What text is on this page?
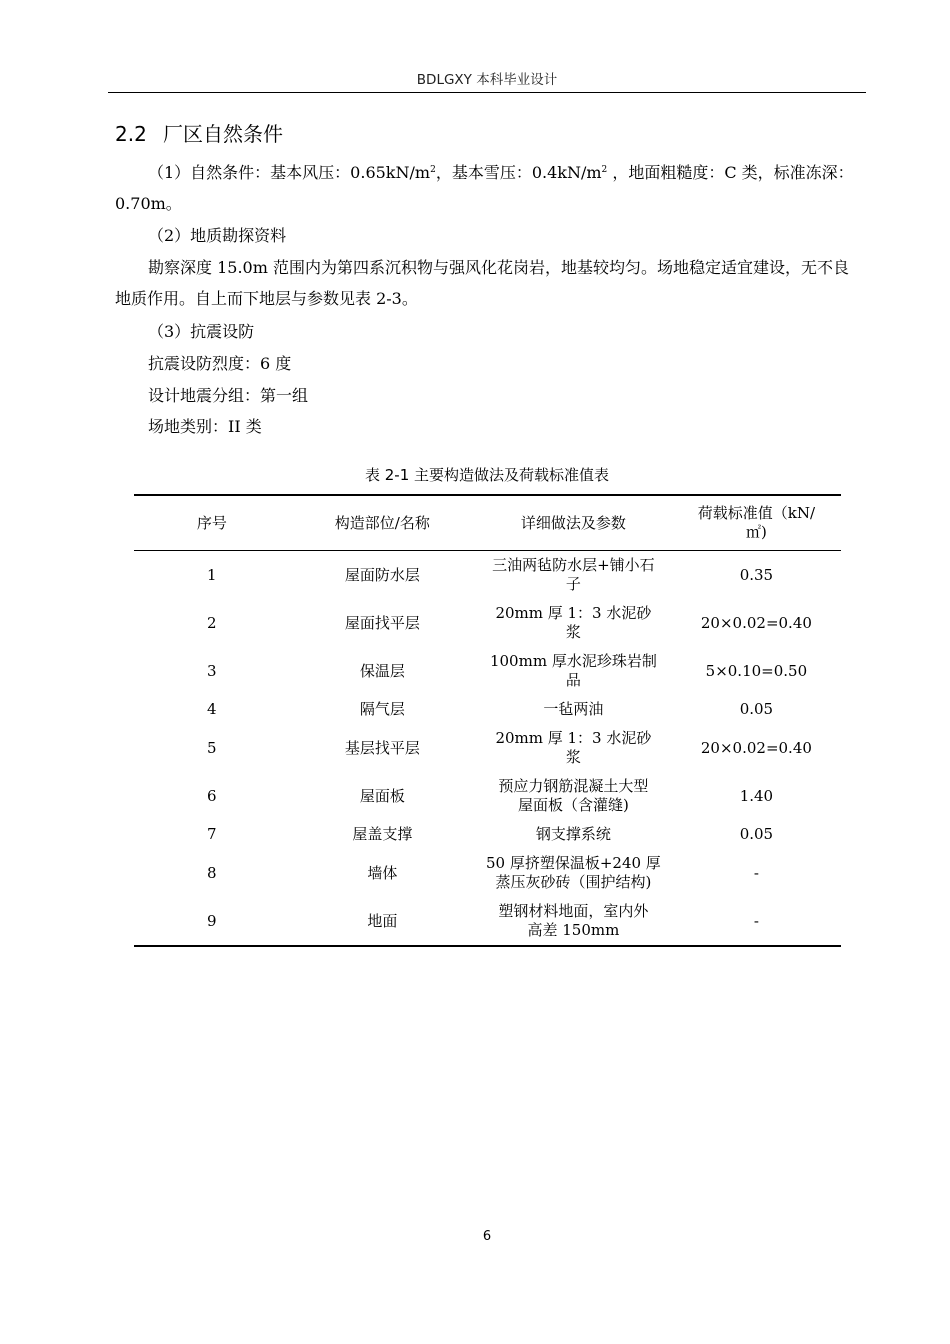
BDLGXY 本科毕业设计
2.2 厂区自然条件
（1）自然条件：基本风压：$0.65kN/m^2$，基本雪压：$0.4kN/m^2$ ，地面粗糙度：C 类，标准冻深：0.70m。
（2）地质勘探资料
勘察深度 15.0m 范围内为第四系沉积物与强风化花岗岩，地基较均匀。场地稳定适宜建设，无不良地质作用。自上而下地层与参数见表 2-3。
（3）抗震设防
抗震设防烈度：6 度
设计地震分组：第一组
场地类别：II 类
表 2-1 主要构造做法及荷载标准值表
序号	构造部位/名称	详细做法及参数	荷载标准值（kN/㎡)
1	屋面防水层	三油两毡防水层+铺小石子	0.35
2	屋面找平层	20mm 厚 1：3 水泥砂浆	20×0.02=0.40
3	保温层	100mm 厚水泥珍珠岩制品	5×0.10=0.50
4	隔气层	一毡两油	0.05
5	基层找平层	20mm 厚 1：3 水泥砂浆	20×0.02=0.40
6	屋面板	预应力钢筋混凝土大型屋面板（含灌缝)	1.40
7	屋盖支撑	钢支撑系统	0.05
8	墙体	50 厚挤塑保温板+240 厚蒸压灰砂砖（围护结构)	-
9	地面	塑钢材料地面，室内外高差 150mm	-
6
